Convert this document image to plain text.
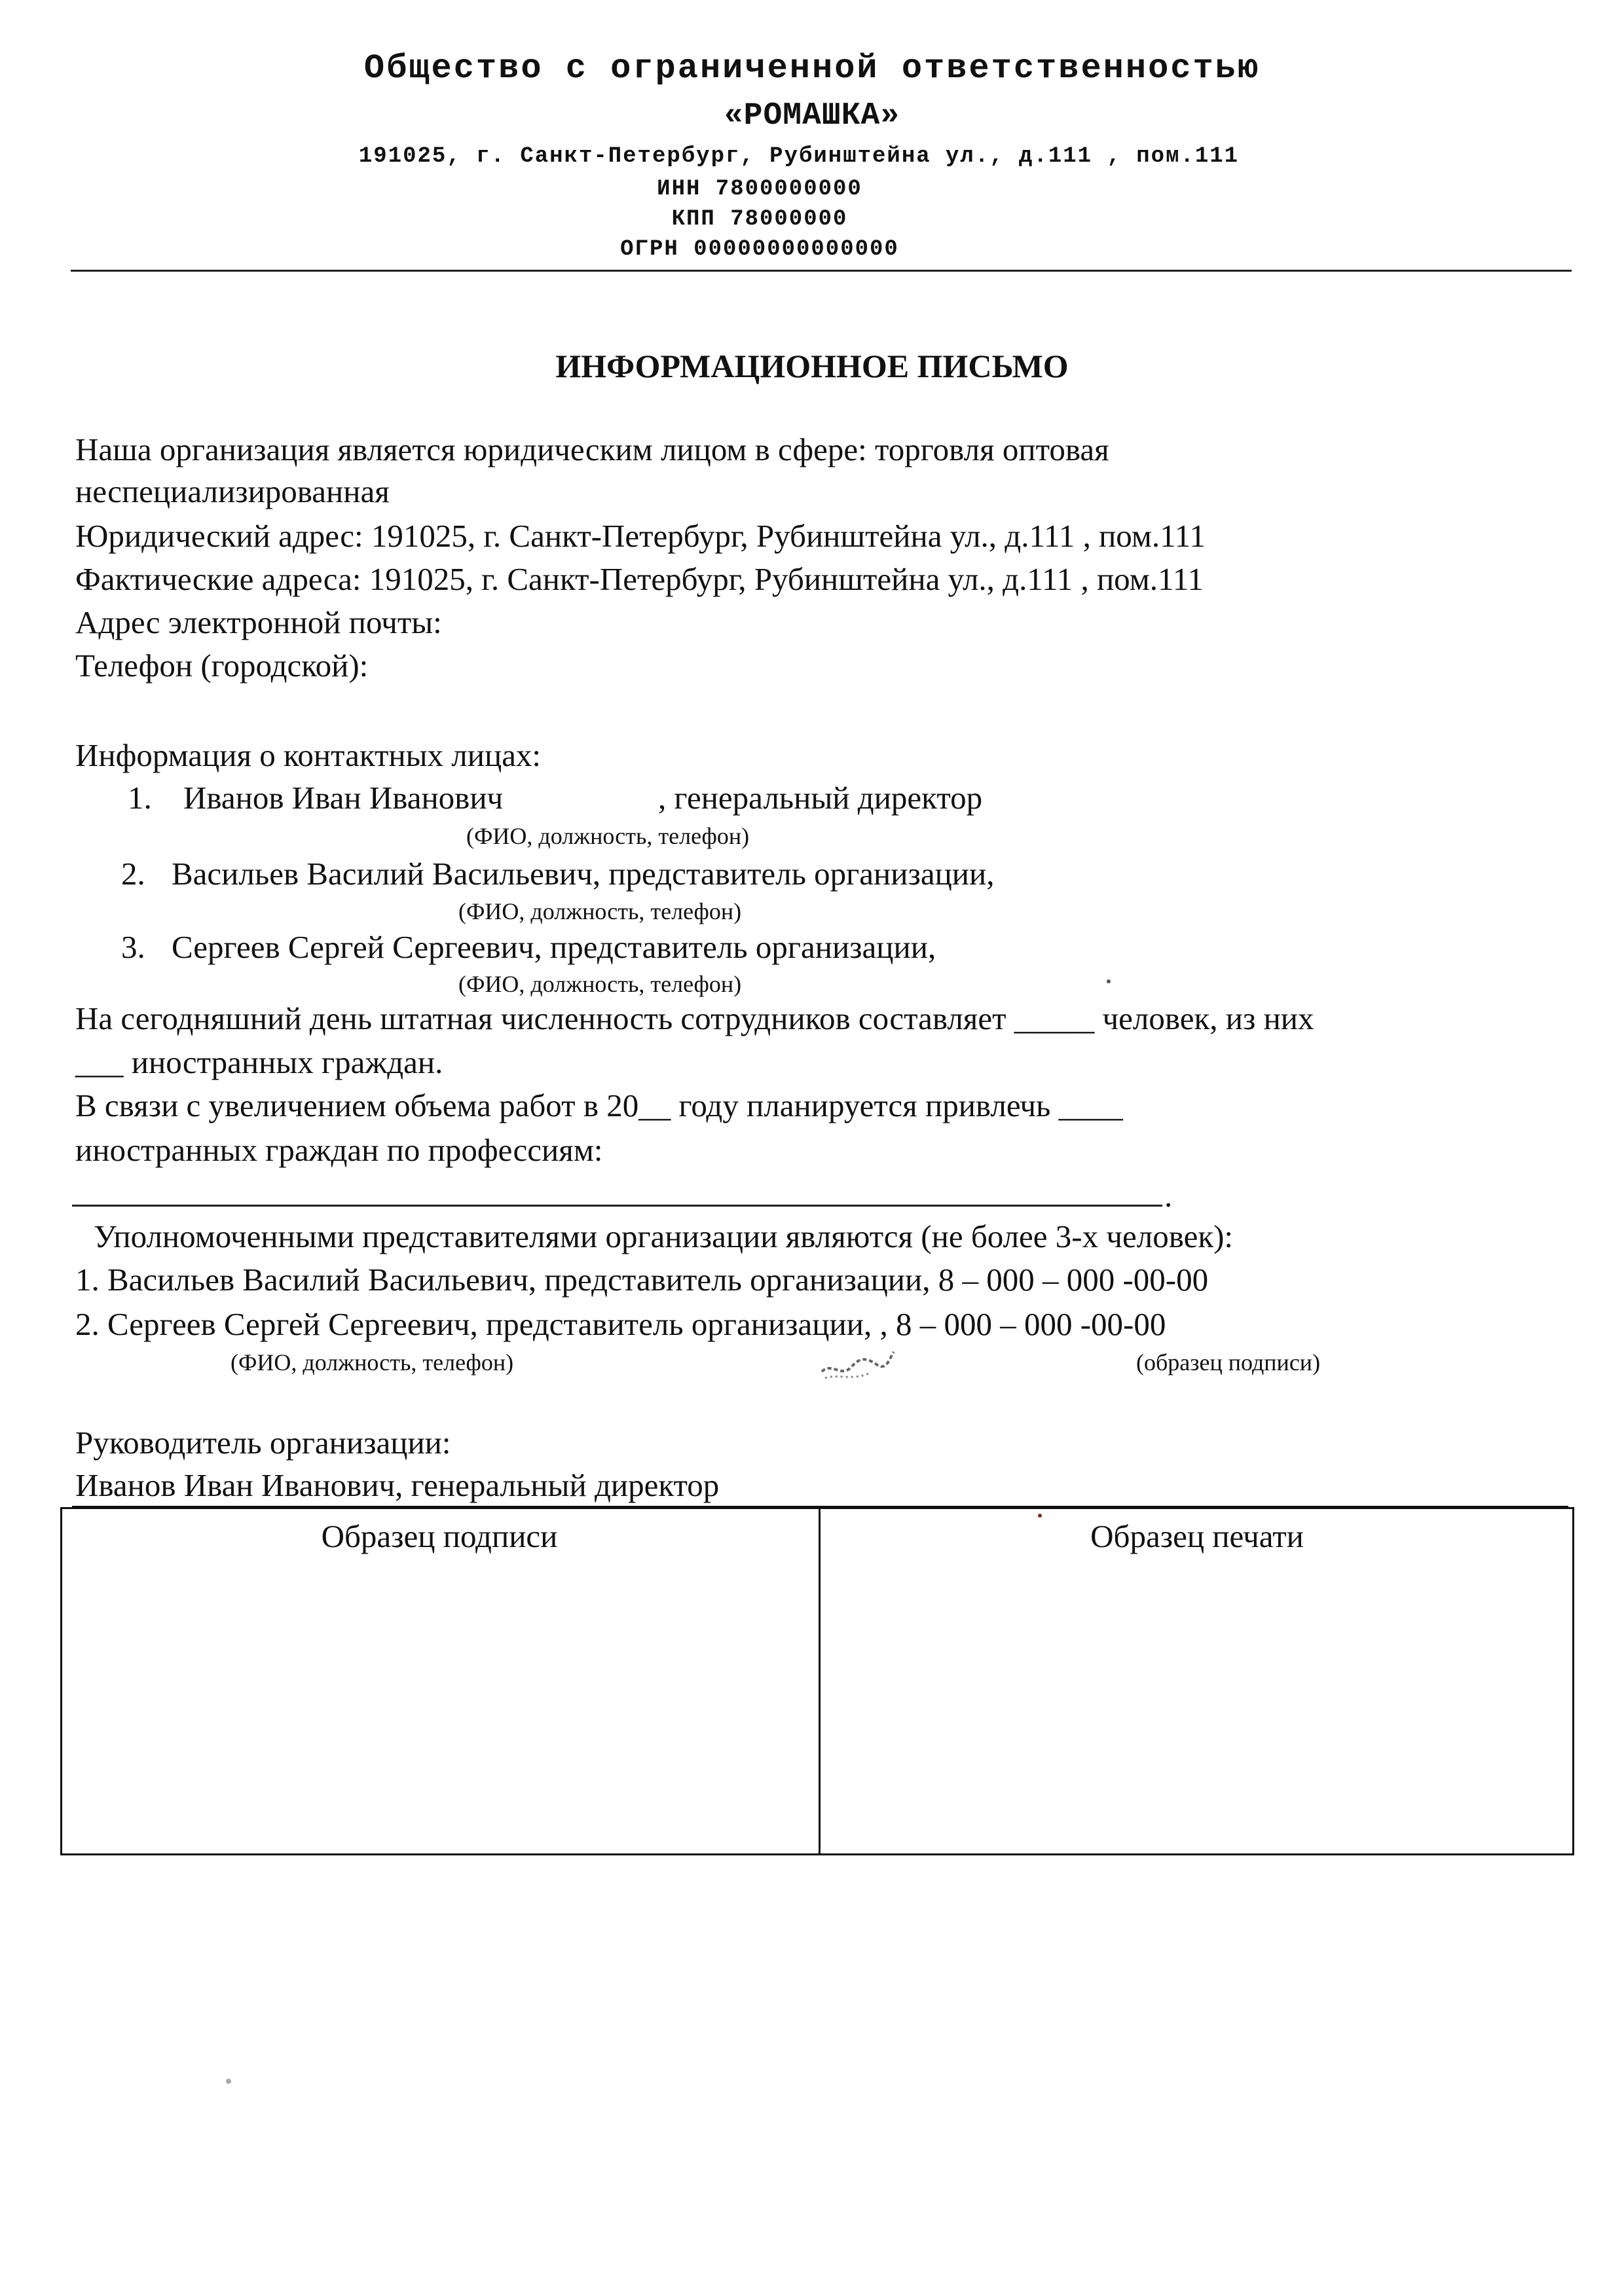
Общество с ограниченной ответственностью
«РОМАШКА»
191025, г. Санкт-Петербург, Рубинштейна ул., д.111 , пом.111
ИНН 7800000000
КПП 78000000
ОГРН 00000000000000
ИНФОРМАЦИОННОЕ ПИСЬМО
Наша организация является юридическим лицом в сфере: торговля оптовая
неспециализированная
Юридический адрес: 191025, г. Санкт-Петербург, Рубинштейна ул., д.111 , пом.111
Фактические адреса: 191025, г. Санкт-Петербург, Рубинштейна ул., д.111 , пом.111
Адрес электронной почты:
Телефон (городской):
Информация о контактных лицах:
1. Иванов Иван Иванович	, генеральный директор
(ФИО, должность, телефон)
2. Васильев Василий Васильевич, представитель организации,
(ФИО, должность, телефон)
3. Сергеев Сергей Сергеевич, представитель организации,
(ФИО, должность, телефон)
На сегодняшний день штатная численность сотрудников составляет _____ человек, из них
___ иностранных граждан.
В связи с увеличением объема работ в 20__ году планируется привлечь ____
иностранных граждан по профессиям:
.
Уполномоченными представителями организации являются (не более 3-х человек):
1. Васильев Василий Васильевич, представитель организации, 8 – 000 – 000 -00-00
2. Сергеев Сергей Сергеевич, представитель организации, , 8 – 000 – 000 -00-00
(ФИО, должность, телефон)	(образец подписи)
Руководитель организации:
Иванов Иван Иванович, генеральный директор
Образец подписи	Образец печати
